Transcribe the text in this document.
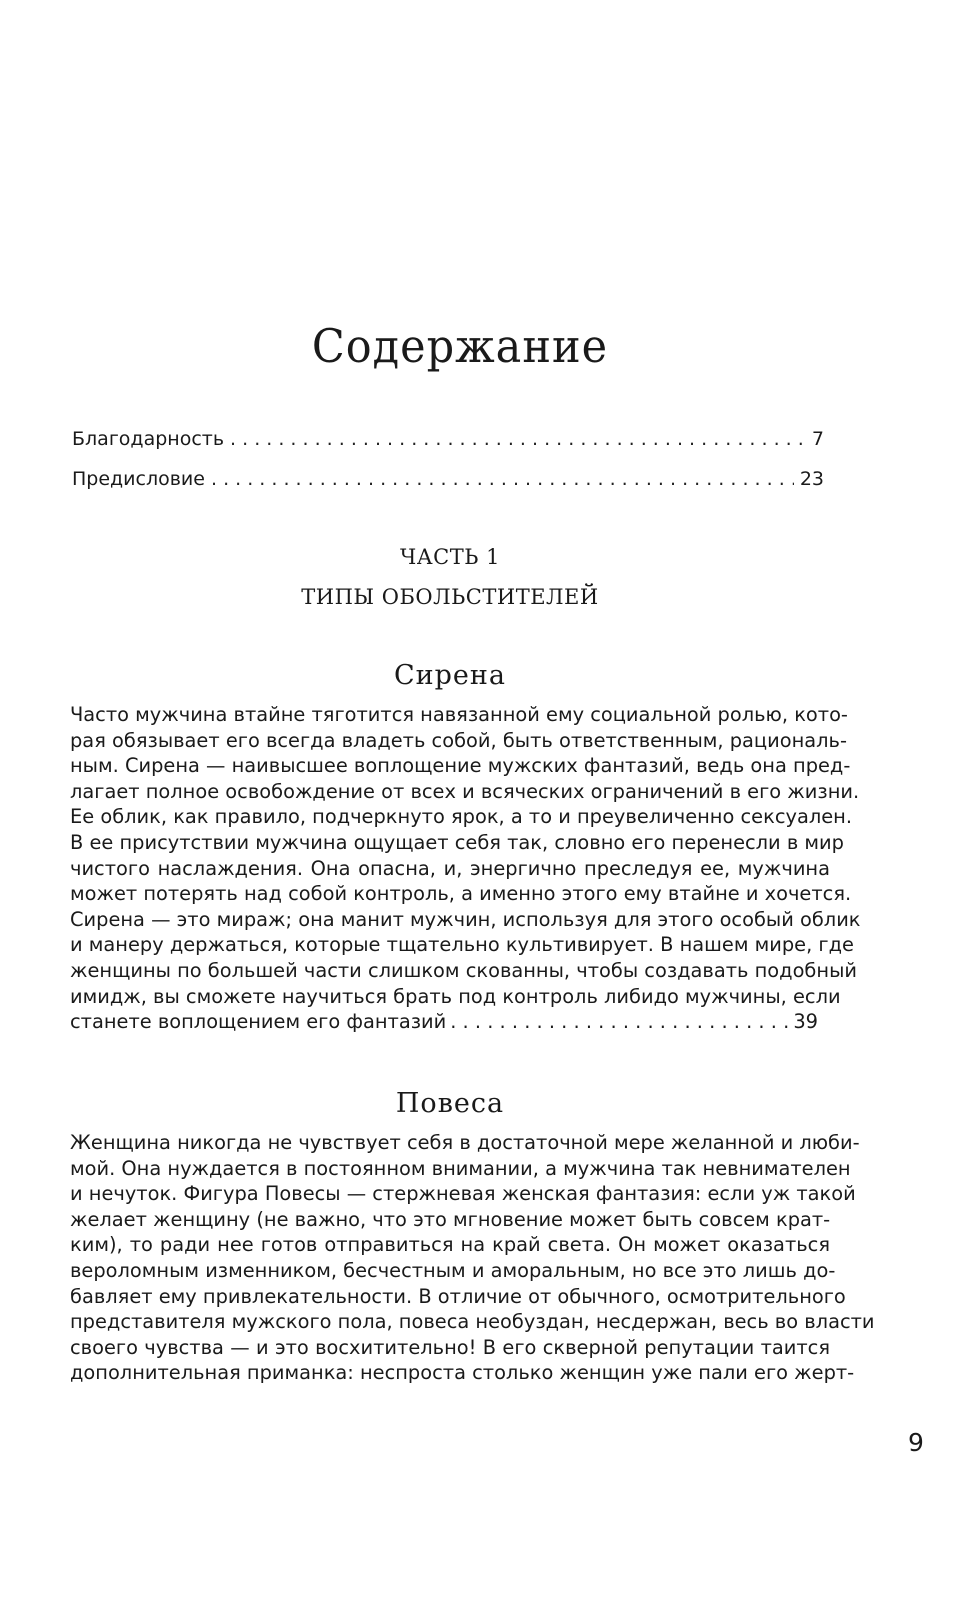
Содержание
Благодарность . . .	7
Предисловие . . .	23
ЧАСТЬ 1
ТИПЫ ОБОЛЬСТИТЕЛЕЙ
Сирена
Часто мужчина втайне тяготится навязанной ему социальной ролью, кото-
рая обязывает его всегда владеть собой, быть ответственным, рациональ-
ным. Сирена — наивысшее воплощение мужских фантазий, ведь она пред-
лагает полное освобождение от всех и всяческих ограничений в его жизни.
Ее облик, как правило, подчеркнуто ярок, а то и преувеличенно сексуален.
В ее присутствии мужчина ощущает себя так, словно его перенесли в мир
чистого наслаждения. Она опасна, и, энергично преследуя ее, мужчина
может потерять над собой контроль, а именно этого ему втайне и хочется.
Сирена — это мираж; она манит мужчин, используя для этого особый облик
и манеру держаться, которые тщательно культивирует. В нашем мире, где
женщины по большей части слишком скованны, чтобы создавать подобный
имидж, вы сможете научиться брать под контроль либидо мужчины, если
станете воплощением его фантазий . . .	39
Повеса
Женщина никогда не чувствует себя в достаточной мере желанной и люби-
мой. Она нуждается в постоянном внимании, а мужчина так невнимателен
и нечуток. Фигура Повесы — стержневая женская фантазия: если уж такой
желает женщину (не важно, что это мгновение может быть совсем крат-
ким), то ради нее готов отправиться на край света. Он может оказаться
вероломным изменником, бесчестным и аморальным, но все это лишь до-
бавляет ему привлекательности. В отличие от обычного, осмотрительного
представителя мужского пола, повеса необуздан, несдержан, весь во власти
своего чувства — и это восхитительно! В его скверной репутации таится
дополнительная приманка: неспроста столько женщин уже пали его жерт-
9
